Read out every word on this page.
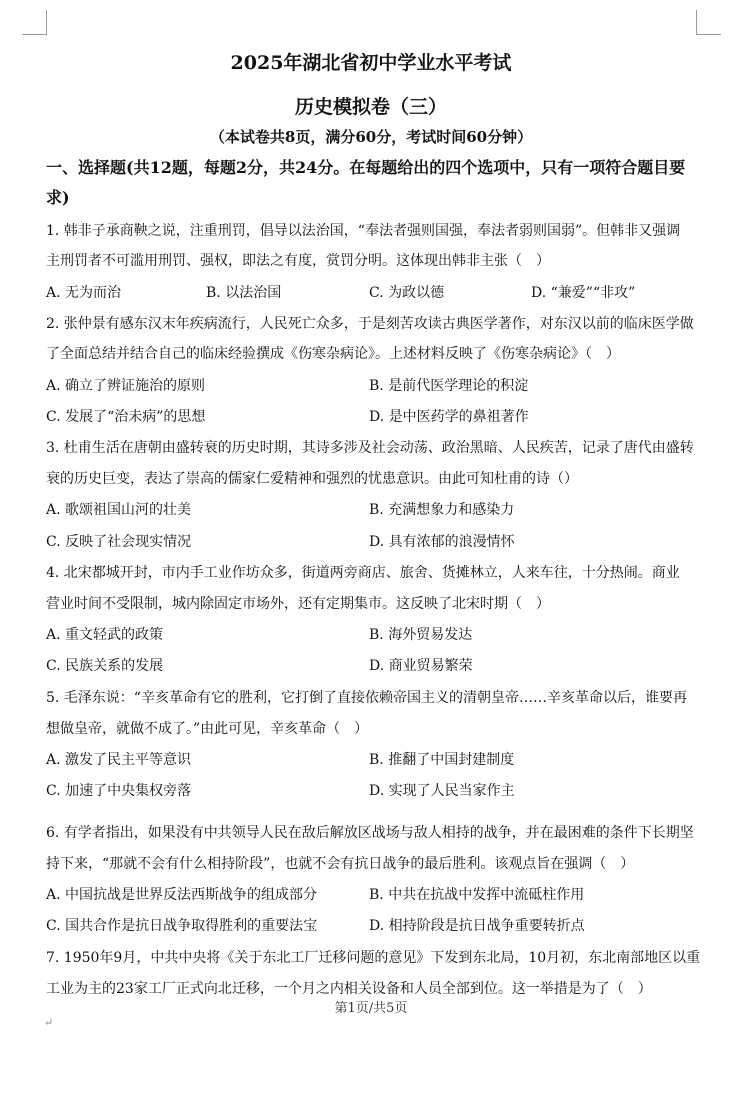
2025年湖北省初中学业水平考试
历史模拟卷（三）
（本试卷共8页，满分60分，考试时间60分钟）
一、选择题(共12题，每题2分，共24分。在每题给出的四个选项中，只有一项符合题目要
求)
1. 韩非子承商鞅之说，注重刑罚，倡导以法治国，“奉法者强则国强，奉法者弱则国弱”。但韩非又强调
主刑罚者不可滥用刑罚、强权，即法之有度，赏罚分明。这体现出韩非主张（　）
A. 无为而治	B. 以法治国	C. 为政以德	D. “兼爱”“非攻”
2. 张仲景有感东汉末年疾病流行，人民死亡众多，于是刻苦攻读古典医学著作，对东汉以前的临床医学做
了全面总结并结合自己的临床经验撰成《伤寒杂病论》。上述材料反映了《伤寒杂病论》（　）
A. 确立了辨证施治的原则	B. 是前代医学理论的积淀
C. 发展了“治未病”的思想	D. 是中医药学的鼻祖著作
3. 杜甫生活在唐朝由盛转衰的历史时期，其诗多涉及社会动荡、政治黑暗、人民疾苦，记录了唐代由盛转
衰的历史巨变，表达了崇高的儒家仁爱精神和强烈的忧患意识。由此可知杜甫的诗（）
A. 歌颂祖国山河的壮美	B. 充满想象力和感染力
C. 反映了社会现实情况	D. 具有浓郁的浪漫情怀
4. 北宋都城开封，市内手工业作坊众多，街道两旁商店、旅舍、货摊林立，人来车往，十分热闹。商业
营业时间不受限制，城内除固定市场外，还有定期集市。这反映了北宋时期（　）
A. 重文轻武的政策	B. 海外贸易发达
C. 民族关系的发展	D. 商业贸易繁荣
5. 毛泽东说：“辛亥革命有它的胜利，它打倒了直接依赖帝国主义的清朝皇帝……辛亥革命以后，谁要再
想做皇帝，就做不成了。”由此可见，辛亥革命（　）
A. 激发了民主平等意识	B. 推翻了中国封建制度
C. 加速了中央集权旁落	D. 实现了人民当家作主
6. 有学者指出，如果没有中共领导人民在敌后解放区战场与敌人相持的战争，并在最困难的条件下长期坚
持下来，“那就不会有什么相持阶段”，也就不会有抗日战争的最后胜利。该观点旨在强调（　）
A. 中国抗战是世界反法西斯战争的组成部分	B. 中共在抗战中发挥中流砥柱作用
C. 国共合作是抗日战争取得胜利的重要法宝	D. 相持阶段是抗日战争重要转折点
7. 1950年9月，中共中央将《关于东北工厂迁移问题的意见》下发到东北局，10月初，东北南部地区以重
工业为主的23家工厂正式向北迁移，一个月之内相关设备和人员全部到位。这一举措是为了（　）
第1页/共5页
↵
